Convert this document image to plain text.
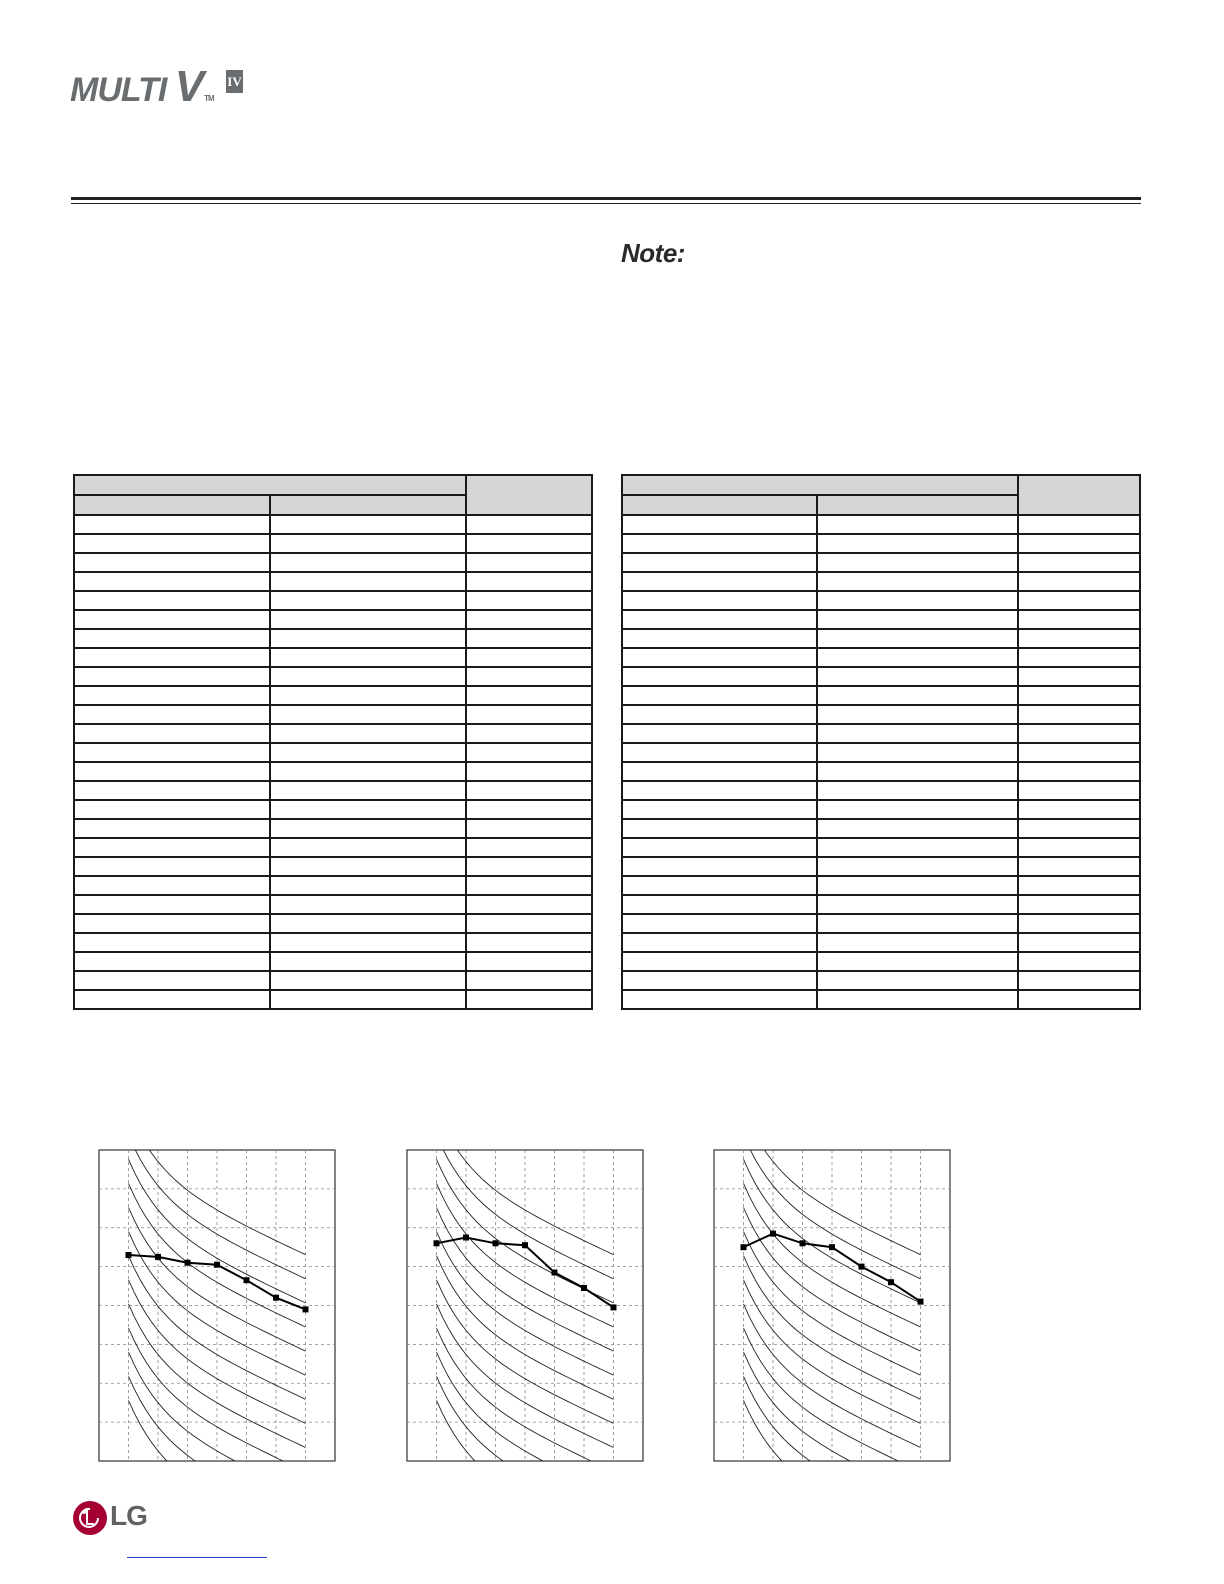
MULTI VTM
IV
Note:

LG
